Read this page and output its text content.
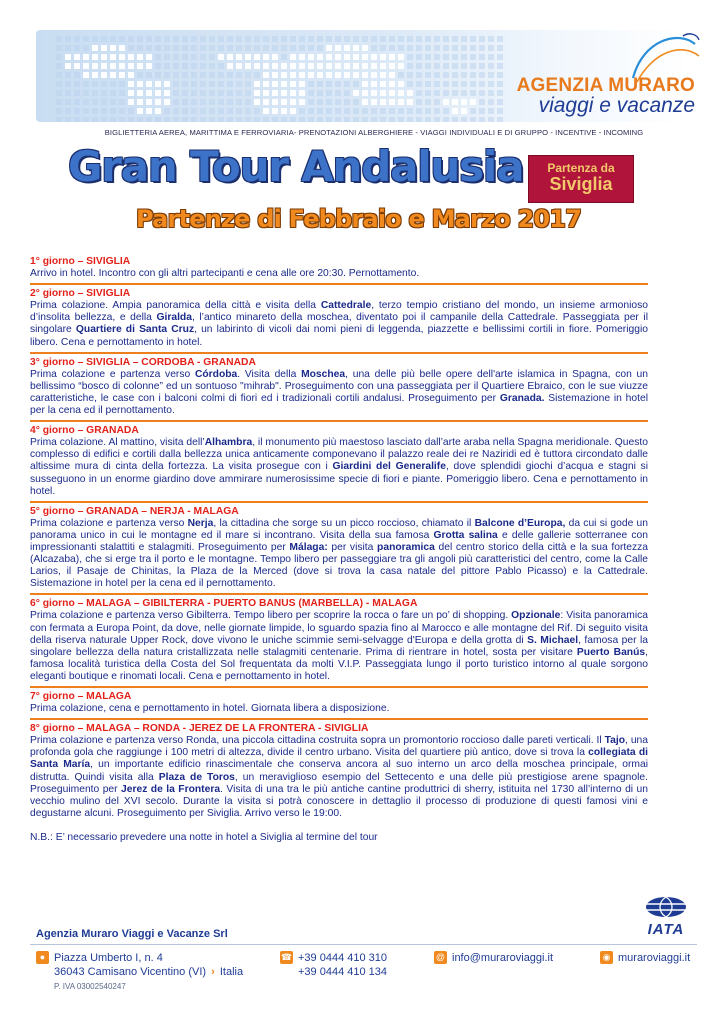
AGENZIA MURARO
viaggi e vacanze
BIGLIETTERIA AEREA, MARITTIMA E FERROVIARIA- PRENOTAZIONI ALBERGHIERE - VIAGGI INDIVIDUALI E DI GRUPPO - INCENTIVE - INCOMING
Gran Tour Andalusia	Partenza da
Siviglia
Partenze di Febbraio e Marzo 2017
1° giorno – SIVIGLIA
Arrivo in hotel. Incontro con gli altri partecipanti e cena alle ore 20:30. Pernottamento.
2° giorno – SIVIGLIA
Prima colazione. Ampia panoramica della città e visita della Cattedrale, terzo tempio cristiano del mondo, un insieme armonioso d’insolita bellezza, e della Giralda, l’antico minareto della moschea, diventato poi il campanile della Cattedrale. Passeggiata per il singolare Quartiere di Santa Cruz, un labirinto di vicoli dai nomi pieni di leggenda, piazzette e bellissimi cortili in fiore. Pomeriggio libero. Cena e pernottamento in hotel.
3° giorno – SIVIGLIA – CORDOBA - GRANADA
Prima colazione e partenza verso Córdoba. Visita della Moschea, una delle più belle opere dell'arte islamica in Spagna, con un bellissimo “bosco di colonne” ed un sontuoso "mihrab". Proseguimento con una passeggiata per il Quartiere Ebraico, con le sue viuzze caratteristiche, le case con i balconi colmi di fiori ed i tradizionali cortili andalusi. Proseguimento per Granada. Sistemazione in hotel per la cena ed il pernottamento.
4° giorno – GRANADA
Prima colazione. Al mattino, visita dell’Alhambra, il monumento più maestoso lasciato dall’arte araba nella Spagna meridionale. Questo complesso di edifici e cortili dalla bellezza unica anticamente componevano il palazzo reale dei re Naziridi ed è tuttora circondato dalle altissime mura di cinta della fortezza. La visita prosegue con i Giardini del Generalife, dove splendidi giochi d’acqua e stagni si susseguono in un enorme giardino dove ammirare numerosissime specie di fiori e piante. Pomeriggio libero. Cena e pernottamento in hotel.
5° giorno – GRANADA – NERJA - MALAGA
Prima colazione e partenza verso Nerja, la cittadina che sorge su un picco roccioso, chiamato il Balcone d’Europa, da cui si gode un panorama unico in cui le montagne ed il mare si incontrano. Visita della sua famosa Grotta salina e delle gallerie sotterranee con impressionanti stalattiti e stalagmiti. Proseguimento per Málaga: per visita panoramica del centro storico della città e la sua fortezza (Alcazaba), che si erge tra il porto e le montagne. Tempo libero per passeggiare tra gli angoli più caratteristici del centro, come la Calle Larios, il Pasaje de Chinitas, la Plaza de la Merced (dove si trova la casa natale del pittore Pablo Picasso) e la Cattedrale. Sistemazione in hotel per la cena ed il pernottamento.
6° giorno – MALAGA – GIBILTERRA - PUERTO BANUS (MARBELLA) - MALAGA
Prima colazione e partenza verso Gibilterra. Tempo libero per scoprire la rocca o fare un po’ di shopping. Opzionale: Visita panoramica con fermata a Europa Point, da dove, nelle giornate limpide, lo sguardo spazia fino al Marocco e alle montagne del Rif. Di seguito visita della riserva naturale Upper Rock, dove vivono le uniche scimmie semi-selvagge d'Europa e della grotta di S. Michael, famosa per la singolare bellezza della natura cristallizzata nelle stalagmiti centenarie. Prima di rientrare in hotel, sosta per visitare Puerto Banús, famosa località turistica della Costa del Sol frequentata da molti V.I.P. Passeggiata lungo il porto turistico intorno al quale sorgono eleganti boutique e rinomati locali. Cena e pernottamento in hotel.
7° giorno – MALAGA
Prima colazione, cena e pernottamento in hotel. Giornata libera a disposizione.
8° giorno – MALAGA – RONDA - JEREZ DE LA FRONTERA - SIVIGLIA
Prima colazione e partenza verso Ronda, una piccola cittadina costruita sopra un promontorio roccioso dalle pareti verticali. Il Tajo, una profonda gola che raggiunge i 100 metri di altezza, divide il centro urbano. Visita del quartiere più antico, dove si trova la collegiata di Santa María, un importante edificio rinascimentale che conserva ancora al suo interno un arco della moschea principale, ormai distrutta. Quindi visita alla Plaza de Toros, un meraviglioso esempio del Settecento e una delle più prestigiose arene spagnole. Proseguimento per Jerez de la Frontera. Visita di una tra le più antiche cantine produttrici di sherry, istituita nel 1730 all’interno di un vecchio mulino del XVI secolo. Durante la visita si potrà conoscere in dettaglio il processo di produzione di questi famosi vini e degustarne alcuni. Proseguimento per Siviglia. Arrivo verso le 19:00.
N.B.: E’ necessario prevedere una notte in hotel a Siviglia al termine del tour
Agenzia Muraro Viaggi e Vacanze Srl	IATA
● Piazza Umberto I, n. 4
36043 Camisano Vicentino (VI) › Italia
P. IVA 03002540247
☎ +39 0444 410 310
+39 0444 410 134
@ info@muraroviaggi.it	◉ muraroviaggi.it
